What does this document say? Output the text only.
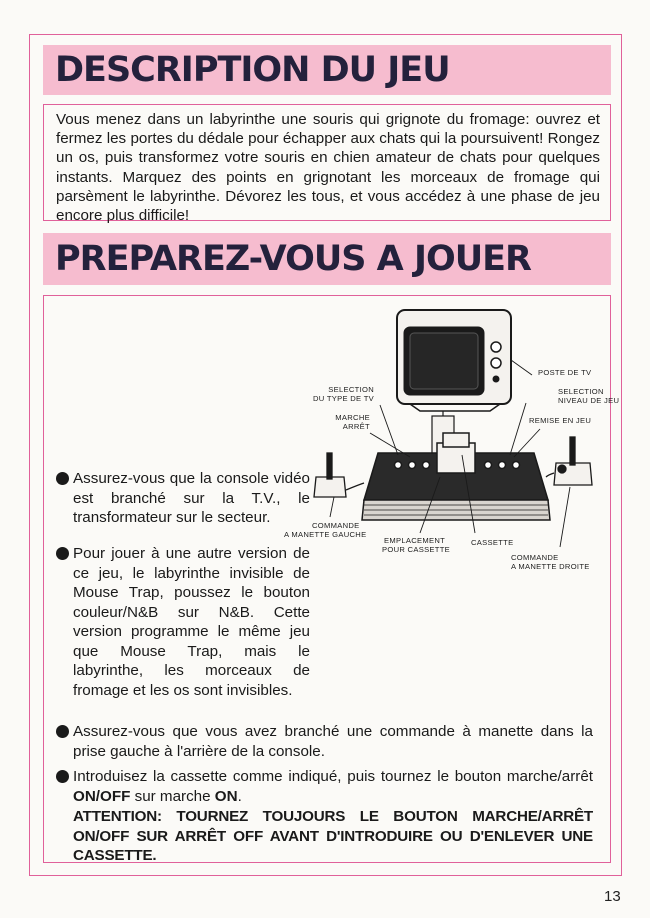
DESCRIPTION DU JEU
Vous menez dans un labyrinthe une souris qui grignote du fromage: ouvrez et fermez les portes du dédale pour échapper aux chats qui la poursuivent! Rongez un os, puis transformez votre souris en chien amateur de chats pour quelques instants. Marquez des points en grignotant les morceaux de fromage qui parsèment le labyrinthe. Dévorez les tous, et vous accédez à une phase de jeu encore plus difficile!
PREPAREZ-VOUS A JOUER
POSTE DE TV
SELECTION
DU TYPE DE TV
SELECTION
NIVEAU DE JEU
MARCHE
ARRÊT
REMISE EN JEU
COMMANDE
A MANETTE GAUCHE
EMPLACEMENT
POUR CASSETTE
CASSETTE
COMMANDE
A MANETTE DROITE
Assurez-vous que la console vidéo est branché sur la T.V., le transformateur sur le secteur.
Pour jouer à une autre version de ce jeu, le labyrinthe invisible de Mouse Trap, poussez le bouton couleur/N&B sur N&B. Cette version programme le même jeu que Mouse Trap, mais le labyrinthe, les morceaux de fromage et les os sont invisibles.
Assurez-vous que vous avez branché une commande à manette dans la prise gauche à l'arrière de la console.
Introduisez la cassette comme indiqué, puis tournez le bouton marche/arrêt ON/OFF sur marche ON.
ATTENTION: TOURNEZ TOUJOURS LE BOUTON MARCHE/ARRÊT ON/OFF SUR ARRÊT OFF AVANT D'INTRODUIRE OU D'ENLEVER UNE CASSETTE.
13
